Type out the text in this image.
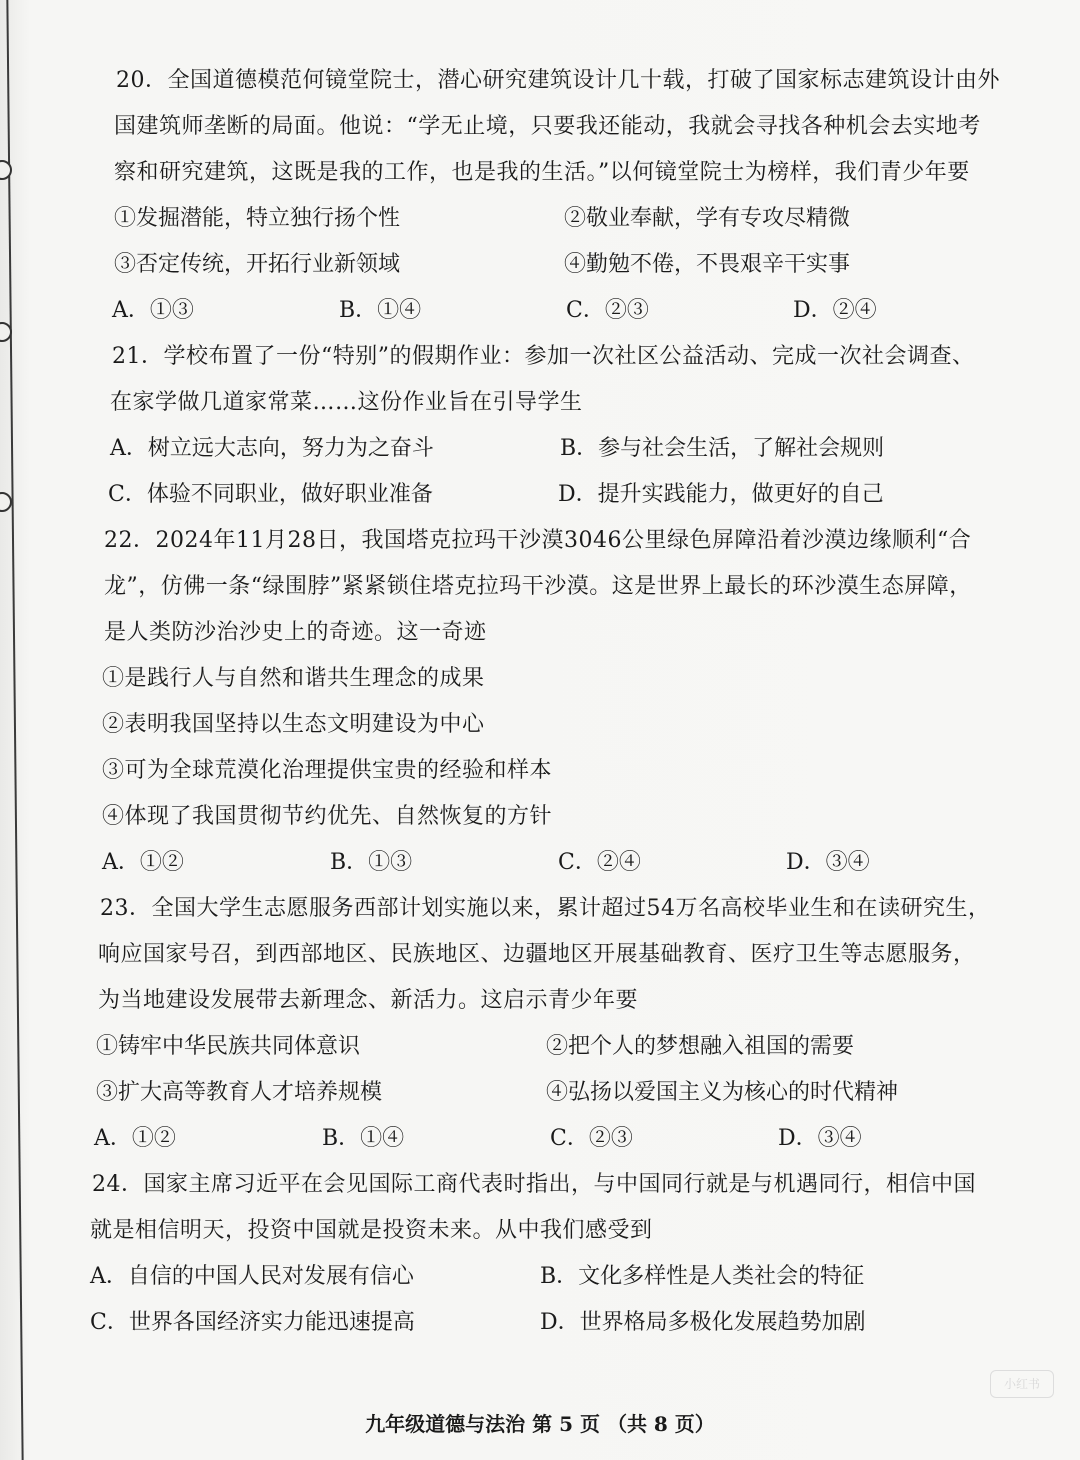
20．全国道德模范何镜堂院士，潜心研究建筑设计几十载，打破了国家标志建筑设计由外
国建筑师垄断的局面。他说：“学无止境，只要我还能动，我就会寻找各种机会去实地考
察和研究建筑，这既是我的工作，也是我的生活。”以何镜堂院士为榜样，我们青少年要
①发掘潜能，特立独行扬个性	②敬业奉献，学有专攻尽精微
③否定传统，开拓行业新领域	④勤勉不倦，不畏艰辛干实事
A．①③	B．①④	C．②③	D．②④
21．学校布置了一份“特别”的假期作业：参加一次社区公益活动、完成一次社会调查、
在家学做几道家常菜……这份作业旨在引导学生
A．树立远大志向，努力为之奋斗	B．参与社会生活，了解社会规则
C．体验不同职业，做好职业准备	D．提升实践能力，做更好的自己
22．2024年11月28日，我国塔克拉玛干沙漠3046公里绿色屏障沿着沙漠边缘顺利“合
龙”，仿佛一条“绿围脖”紧紧锁住塔克拉玛干沙漠。这是世界上最长的环沙漠生态屏障，
是人类防沙治沙史上的奇迹。这一奇迹
①是践行人与自然和谐共生理念的成果
②表明我国坚持以生态文明建设为中心
③可为全球荒漠化治理提供宝贵的经验和样本
④体现了我国贯彻节约优先、自然恢复的方针
A．①②	B．①③	C．②④	D．③④
23．全国大学生志愿服务西部计划实施以来，累计超过54万名高校毕业生和在读研究生，
响应国家号召，到西部地区、民族地区、边疆地区开展基础教育、医疗卫生等志愿服务，
为当地建设发展带去新理念、新活力。这启示青少年要
①铸牢中华民族共同体意识	②把个人的梦想融入祖国的需要
③扩大高等教育人才培养规模	④弘扬以爱国主义为核心的时代精神
A．①②	B．①④	C．②③	D．③④
24．国家主席习近平在会见国际工商代表时指出，与中国同行就是与机遇同行，相信中国
就是相信明天，投资中国就是投资未来。从中我们感受到
A．自信的中国人民对发展有信心	B．文化多样性是人类社会的特征
C．世界各国经济实力能迅速提高	D．世界格局多极化发展趋势加剧
小红书
九年级道德与法治 第 5 页 （共 8 页）
